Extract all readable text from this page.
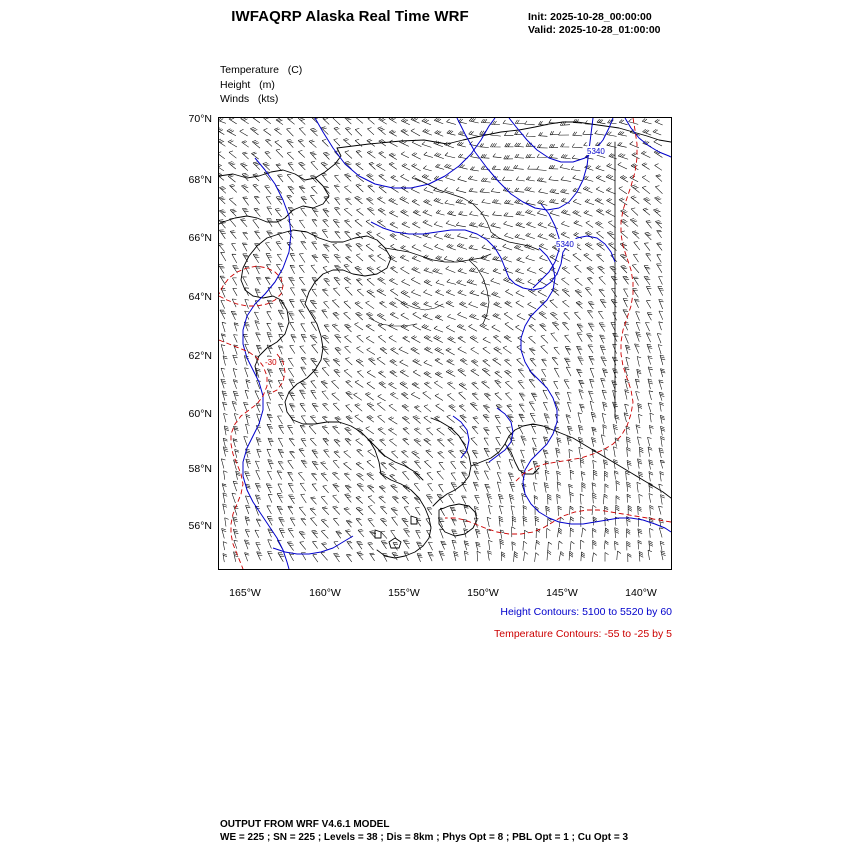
IWFAQRP Alaska Real Time WRF	Init: 2025-10-28_00:00:00
Valid: 2025-10-28_01:00:00
Temperature   (C)
Height   (m)
Winds   (kts)
70°N
68°N
66°N
64°N
62°N
60°N
58°N
56°N
165°W	160°W	155°W	150°W	145°W	140°W
5340
5340
-30
Height Contours: 5100 to 5520 by 60
Temperature Contours: -55 to -25 by 5
OUTPUT FROM WRF V4.6.1 MODEL
WE = 225 ; SN = 225 ; Levels = 38 ; Dis = 8km ; Phys Opt = 8 ; PBL Opt = 1 ; Cu Opt = 3
